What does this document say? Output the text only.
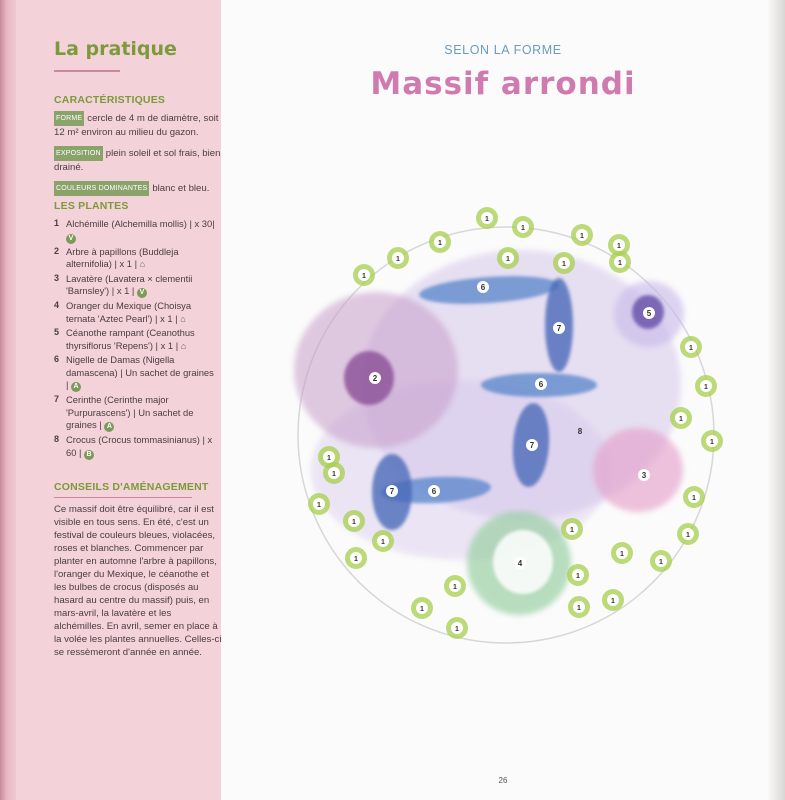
La pratique
CARACTÉRISTIQUES
FORME cercle de 4 m de diamètre, soit 12 m² environ au milieu du gazon.
EXPOSITION plein soleil et sol frais, bien drainé.
COULEURS DOMINANTES blanc et bleu.
LES PLANTES
1 Alchémille (Alchemilla mollis) | x 30| V
2 Arbre à papillons (Buddleja alternifolia) | x 1 | ⌂
3 Lavatère (Lavatera × clementii 'Barnsley') | x 1 | V
4 Oranger du Mexique (Choisya ternata 'Aztec Pearl') | x 1 | ⌂
5 Céanothe rampant (Ceanothus thyrsiflorus 'Repens') | x 1 | ⌂
6 Nigelle de Damas (Nigella damascena) | Un sachet de graines | A
7 Cerinthe (Cerinthe major 'Purpurascens') | Un sachet de graines | A
8 Crocus (Crocus tommasinianus) | x 60 | B
CONSEILS D'AMÉNAGEMENT
Ce massif doit être équilibré, car il est visible en tous sens. En été, c'est un festival de couleurs bleues, violacées, roses et blanches. Commencer par planter en automne l'arbre à papillons, l'oranger du Mexique, le céanothe et les bulbes de crocus (disposés au hasard au centre du massif) puis, en mars-avril, la lavatère et les alchémilles. En avril, semer en place à la volée les plantes annuelles. Celles-ci se ressèmeront d'année en année.
SELON LA FORME
Massif arrondi
2
3
4
5
6
6
6
7
7
7
8
1
1
1
1
1
1
1	1
1	1
1
1
1
1
1
1
1
1
1
1
1
1
1
1
1
1
1
1
1
1
1
26
